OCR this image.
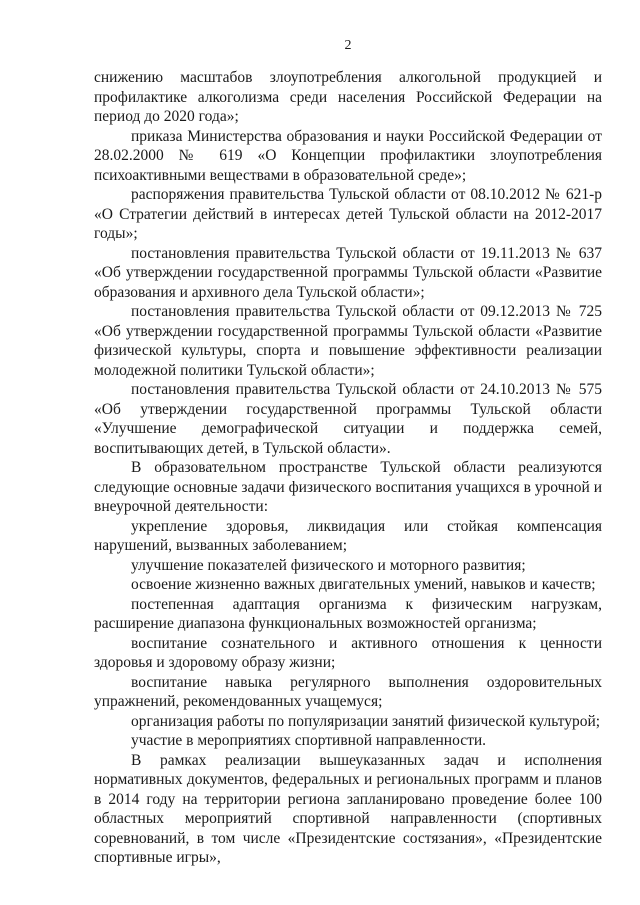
2

снижению масштабов злоупотребления алкогольной продукцией и профилактике алкоголизма среди населения Российской Федерации на период до 2020 года»;

приказа Министерства образования и науки Российской Федерации от 28.02.2000 № 619 «О Концепции профилактики злоупотребления психоактивными веществами в образовательной среде»;

распоряжения правительства Тульской области от 08.10.2012 № 621-р «О Стратегии действий в интересах детей Тульской области на 2012-2017 годы»;

постановления правительства Тульской области от 19.11.2013 № 637 «Об утверждении государственной программы Тульской области «Развитие образования и архивного дела Тульской области»;

постановления правительства Тульской области от 09.12.2013 № 725 «Об утверждении государственной программы Тульской области «Развитие физической культуры, спорта и повышение эффективности реализации молодежной политики Тульской области»;

постановления правительства Тульской области от 24.10.2013 № 575 «Об утверждении государственной программы Тульской области «Улучшение демографической ситуации и поддержка семей, воспитывающих детей, в Тульской области».

В образовательном пространстве Тульской области реализуются следующие основные задачи физического воспитания учащихся в урочной и внеурочной деятельности:

укрепление здоровья, ликвидация или стойкая компенсация нарушений, вызванных заболеванием;

улучшение показателей физического и моторного развития;

освоение жизненно важных двигательных умений, навыков и качеств;

постепенная адаптация организма к физическим нагрузкам, расширение диапазона функциональных возможностей организма;

воспитание сознательного и активного отношения к ценности здоровья и здоровому образу жизни;

воспитание навыка регулярного выполнения оздоровительных упражнений, рекомендованных учащемуся;

организация работы по популяризации занятий физической культурой;

участие в мероприятиях спортивной направленности.

В рамках реализации вышеуказанных задач и исполнения нормативных документов, федеральных и региональных программ и планов в 2014 году на территории региона запланировано проведение более 100 областных мероприятий спортивной направленности (спортивных соревнований, в том числе «Президентские состязания», «Президентские спортивные игры»,
